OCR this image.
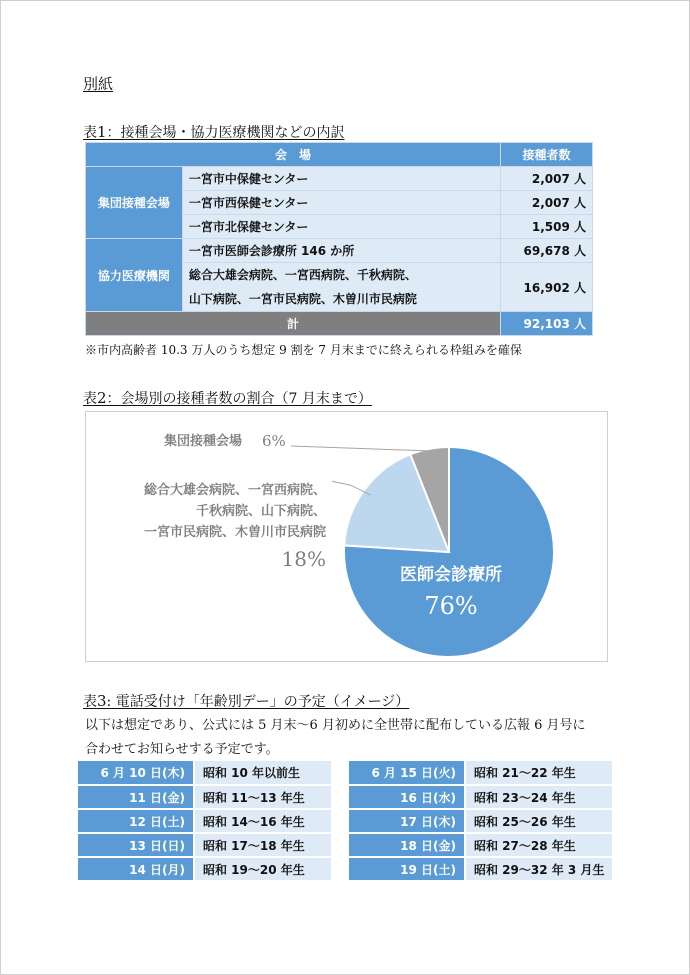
別紙
表1：接種会場・協力医療機関などの内訳
会　場		接種者数
集団接種会場	一宮市中保健センター	2,007 人
	一宮市西保健センター	2,007 人
	一宮市北保健センター	1,509 人
協力医療機関	一宮市医師会診療所 146 か所	69,678 人

	総合大雄会病院、一宮西病院、千秋病院、
山下病院、一宮市民病院、木曽川市民病院	16,902 人
計		92,103 人
※市内高齢者 10.3 万人のうち想定 9 割を 7 月末までに終えられる枠組みを確保
表2：会場別の接種者数の割合（7 月末まで）
医師会診療所
76%
総合大雄会病院、一宮西病院、
千秋病院、山下病院、
一宮市民病院、木曽川市民病院
18%
集団接種会場 6%
表3: 電話受付け「年齢別デー」の予定（イメージ）
以下は想定であり、公式には 5 月末～6 月初めに全世帯に配布している広報 6 月号に
合わせてお知らせする予定です。
6 月 10 日(木)	昭和 10 年以前生
11 日(金)	昭和 11～13 年生
12 日(土)	昭和 14～16 年生
13 日(日)	昭和 17～18 年生
14 日(月)	昭和 19～20 年生
6 月 15 日(火)	昭和 21～22 年生
16 日(水)	昭和 23～24 年生
17 日(木)	昭和 25～26 年生
18 日(金)	昭和 27～28 年生
19 日(土)	昭和 29～32 年 3 月生
